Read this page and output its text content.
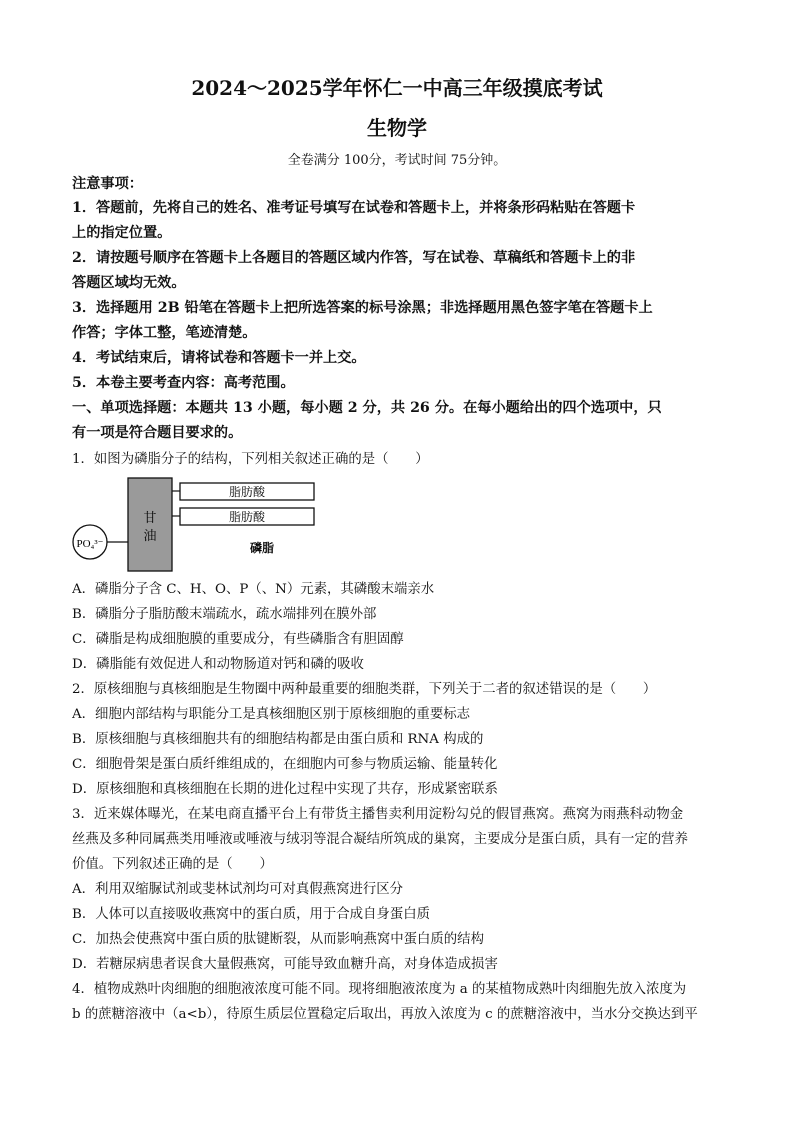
2024～2025学年怀仁一中高三年级摸底考试
生物学
全卷满分 100分，考试时间 75分钟。
注意事项：
1．答题前，先将自己的姓名、准考证号填写在试卷和答题卡上，并将条形码粘贴在答题卡
上的指定位置。
2．请按题号顺序在答题卡上各题目的答题区域内作答，写在试卷、草稿纸和答题卡上的非
答题区域均无效。
3．选择题用 2B 铅笔在答题卡上把所选答案的标号涂黑；非选择题用黑色签字笔在答题卡上
作答；字体工整，笔迹清楚。
4．考试结束后，请将试卷和答题卡一并上交。
5．本卷主要考查内容：高考范围。
一、单项选择题：本题共 13 小题，每小题 2 分，共 26 分。在每小题给出的四个选项中，只
有一项是符合题目要求的。
1．如图为磷脂分子的结构，下列相关叙述正确的是（　　）
PO₄³⁻
甘
油
脂肪酸
脂肪酸
磷脂
A．磷脂分子含 C、H、O、P（、N）元素，其磷酸末端亲水
B．磷脂分子脂肪酸末端疏水，疏水端排列在膜外部
C．磷脂是构成细胞膜的重要成分，有些磷脂含有胆固醇
D．磷脂能有效促进人和动物肠道对钙和磷的吸收
2．原核细胞与真核细胞是生物圈中两种最重要的细胞类群，下列关于二者的叙述错误的是（　　）
A．细胞内部结构与职能分工是真核细胞区别于原核细胞的重要标志
B．原核细胞与真核细胞共有的细胞结构都是由蛋白质和 RNA 构成的
C．细胞骨架是蛋白质纤维组成的，在细胞内可参与物质运输、能量转化
D．原核细胞和真核细胞在长期的进化过程中实现了共存，形成紧密联系
3．近来媒体曝光，在某电商直播平台上有带货主播售卖利用淀粉勾兑的假冒燕窝。燕窝为雨燕科动物金
丝燕及多种同属燕类用唾液或唾液与绒羽等混合凝结所筑成的巢窝，主要成分是蛋白质，具有一定的营养
价值。下列叙述正确的是（　　）
A．利用双缩脲试剂或斐林试剂均可对真假燕窝进行区分
B．人体可以直接吸收燕窝中的蛋白质，用于合成自身蛋白质
C．加热会使燕窝中蛋白质的肽键断裂，从而影响燕窝中蛋白质的结构
D．若糖尿病患者误食大量假燕窝，可能导致血糖升高，对身体造成损害
4．植物成熟叶肉细胞的细胞液浓度可能不同。现将细胞液浓度为 a 的某植物成熟叶肉细胞先放入浓度为
b 的蔗糖溶液中（a<b），待原生质层位置稳定后取出，再放入浓度为 c 的蔗糖溶液中，当水分交换达到平
